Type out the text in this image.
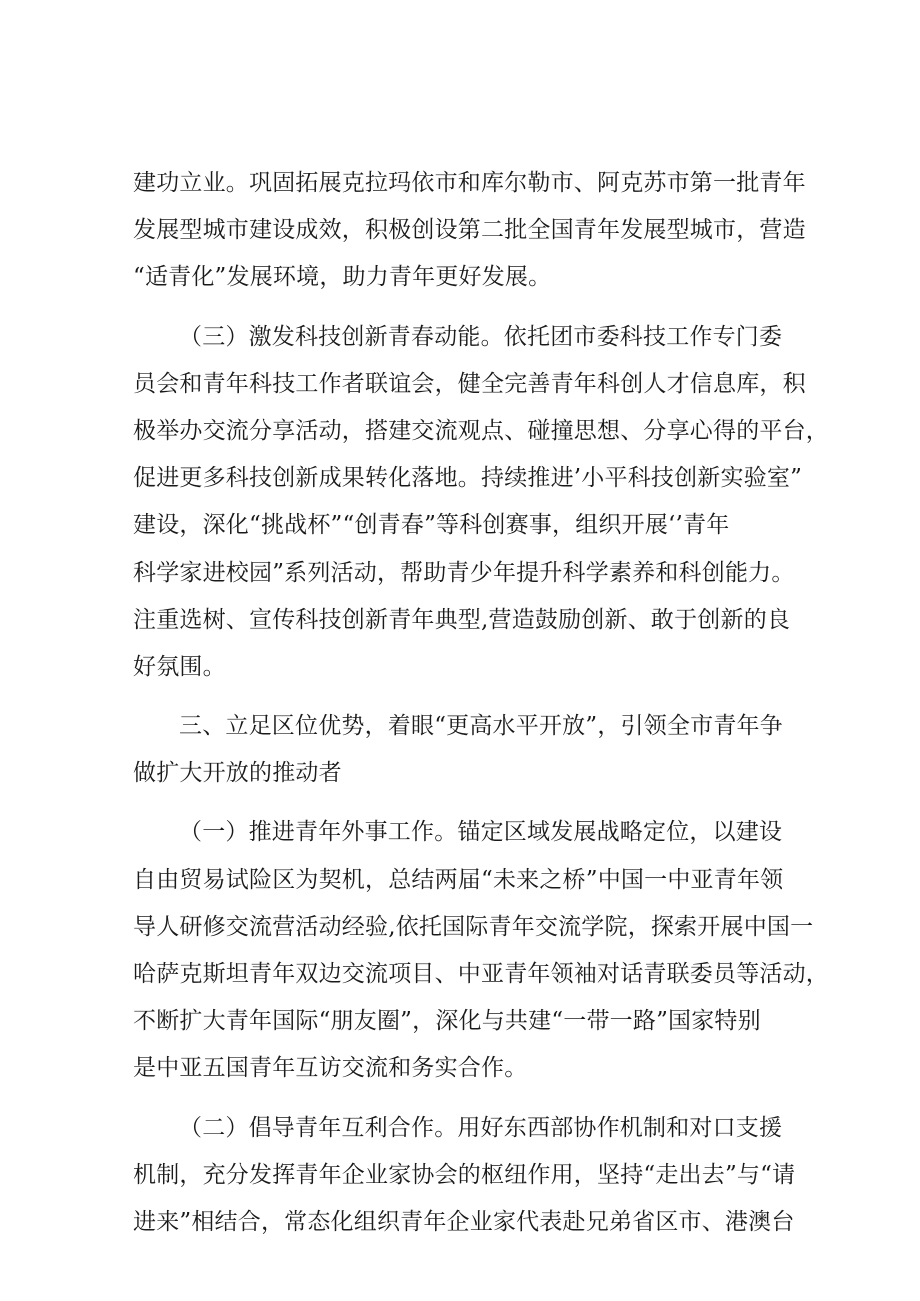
建功立业。巩固拓展克拉玛依市和库尔勒市、阿克苏市第一批青年
发展型城市建设成效，积极创设第二批全国青年发展型城市，营造
“适青化”发展环境，助力青年更好发展。

（三）激发科技创新青春动能。依托团市委科技工作专门委
员会和青年科技工作者联谊会，健全完善青年科创人才信息库，积
极举办交流分享活动，搭建交流观点、碰撞思想、分享心得的平台，
促进更多科技创新成果转化落地。持续推进’小平科技创新实验室”
建设，深化“挑战杯”“创青春”等科创赛事，组织开展‘’青年
科学家进校园”系列活动，帮助青少年提升科学素养和科创能力。
注重选树、宣传科技创新青年典型,营造鼓励创新、敢于创新的良
好氛围。

三、立足区位优势，着眼“更高水平开放”，引领全市青年争
做扩大开放的推动者

（一）推进青年外事工作。锚定区域发展战略定位，以建设
自由贸易试险区为契机，总结两届“未来之桥”中国一中亚青年领
导人研修交流营活动经验,依托国际青年交流学院，探索开展中国一
哈萨克斯坦青年双边交流项目、中亚青年领袖对话青联委员等活动，
不断扩大青年国际“朋友圈”，深化与共建“一带一路”国家特别
是中亚五国青年互访交流和务实合作。

（二）倡导青年互利合作。用好东西部协作机制和对口支援
机制，充分发挥青年企业家协会的枢纽作用，坚持“走出去”与“请
进来”相结合，常态化组织青年企业家代表赴兄弟省区市、港澳台
